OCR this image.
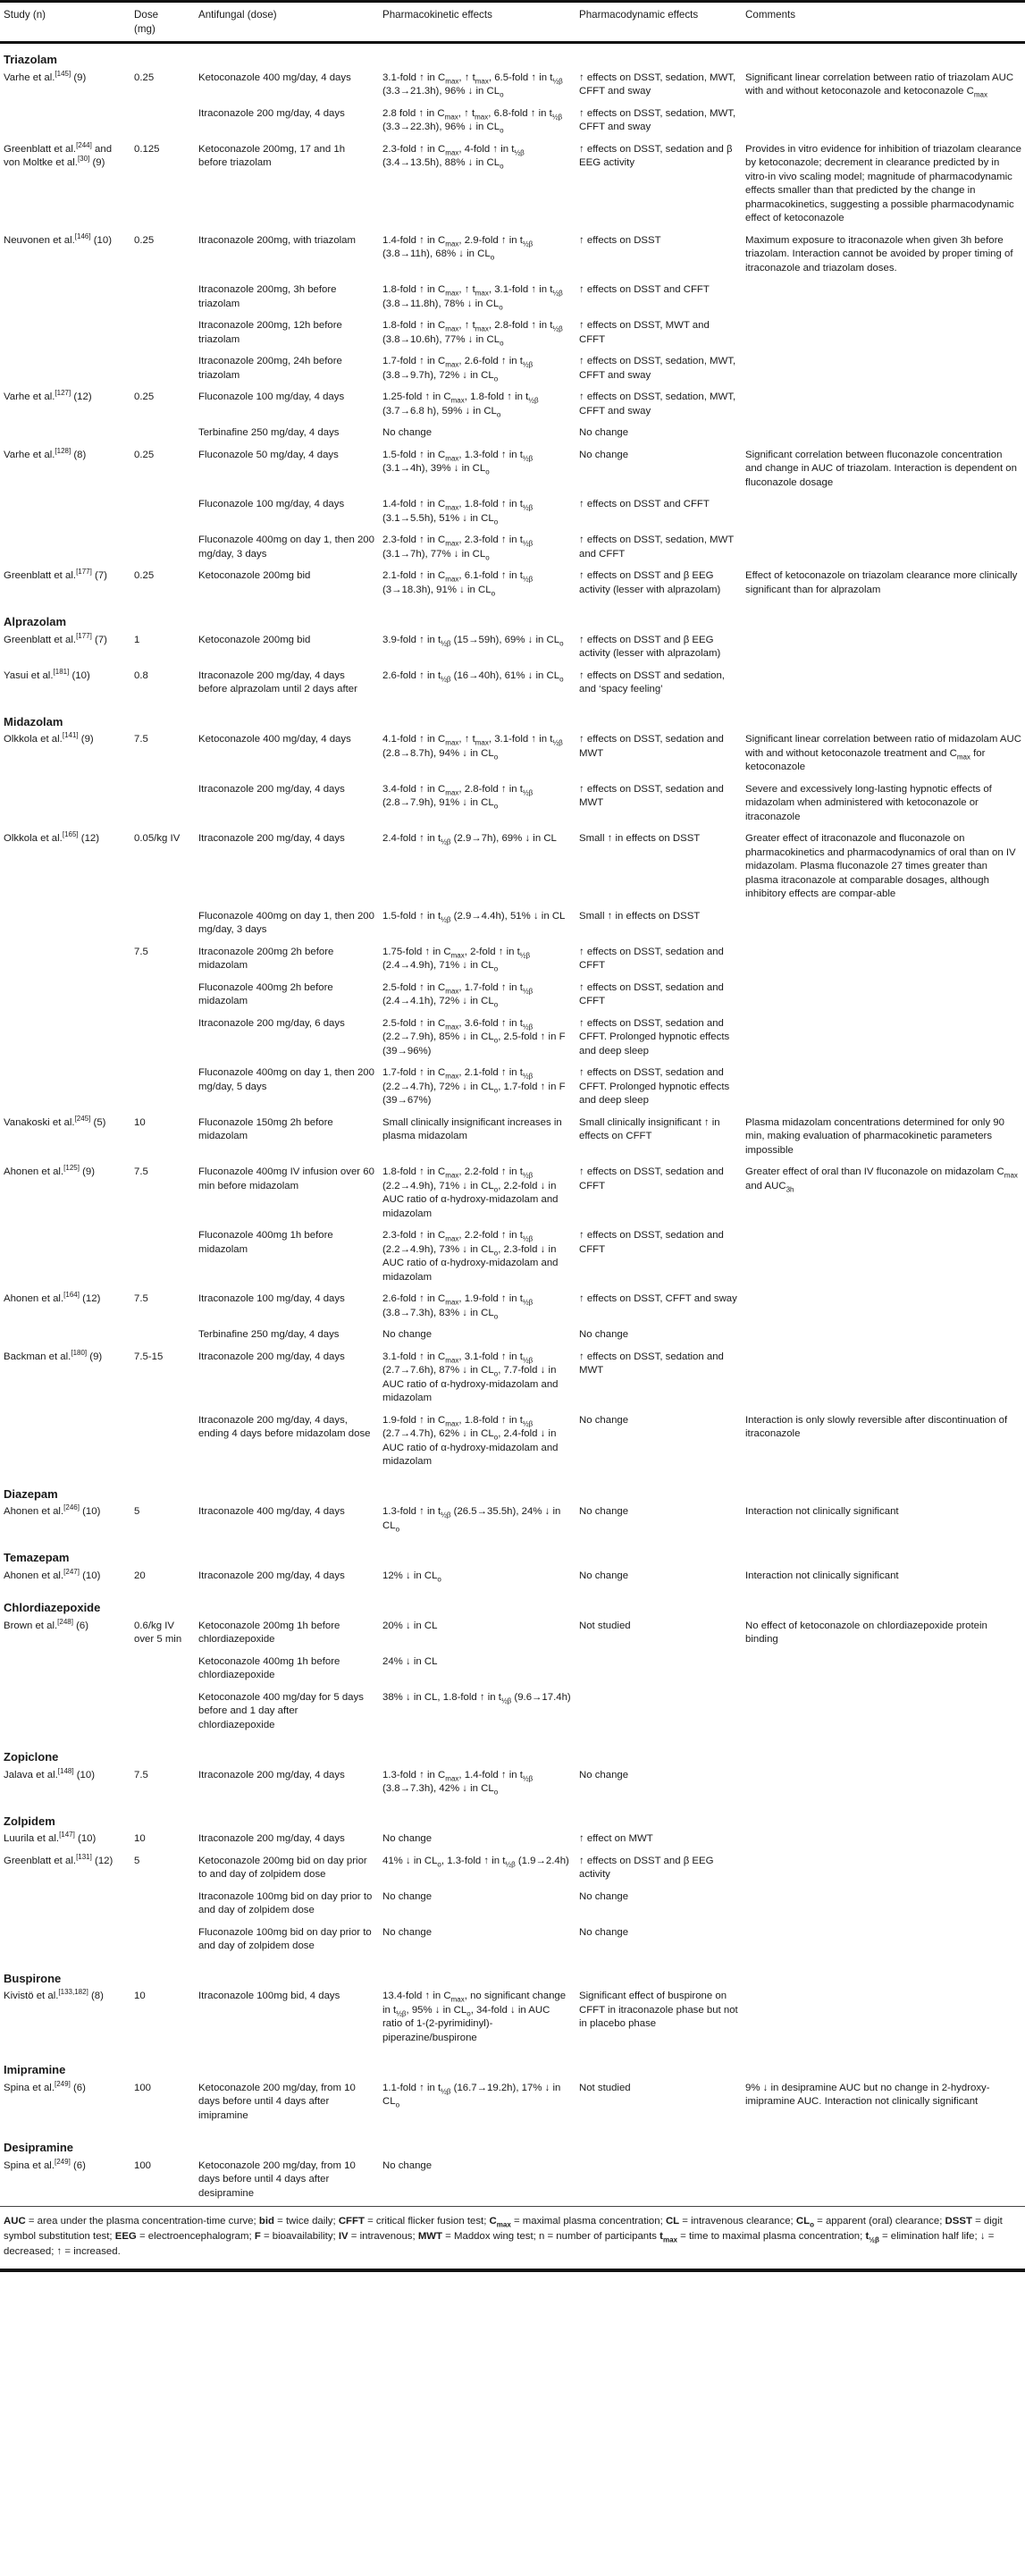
Study (n)	Dose (mg)	Antifungal (dose)	Pharmacokinetic effects	Pharmacodynamic effects	Comments
Triazolam					
Varhe et al.[145] (9)	0.25	Ketoconazole 400 mg/day, 4 days	3.1-fold ↑ in $C_{max}$, ↑ $t_{max}$, 6.5-fold ↑ in $t_{\frac{1}{2}\beta}$ (3.3→21.3h), 96% ↓ in $CL_o$	↑ effects on DSST, sedation, MWT, CFFT and sway	Significant linear correlation between ratio of triazolam AUC with and without ketoconazole and ketoconazole $C_{max}$
		Itraconazole 200 mg/day, 4 days	2.8 fold ↑ in $C_{max}$, ↑ $t_{max}$, 6.8-fold ↑ in $t_{\frac{1}{2}\beta}$ (3.3→22.3h), 96% ↓ in $CL_o$	↑ effects on DSST, sedation, MWT, CFFT and sway	
Greenblatt et al.[244] and von Moltke et al.[30] (9)	0.125	Ketoconazole 200mg, 17 and 1h before triazolam	2.3-fold ↑ in $C_{max}$, 4-fold ↑ in $t_{\frac{1}{2}\beta}$ (3.4→13.5h), 88% ↓ in $CL_o$	↑ effects on DSST, sedation and β EEG activity	Provides in vitro evidence for inhibition of triazolam clearance by ketoconazole; decrement in clearance predicted by in vitro-in vivo scaling model; magnitude of pharmacodynamic effects smaller than that predicted by the change in pharmacokinetics, suggesting a possible pharmacodynamic effect of ketoconazole
Neuvonen et al.[146] (10)	0.25	Itraconazole 200mg, with triazolam	1.4-fold ↑ in $C_{max}$, 2.9-fold ↑ in $t_{\frac{1}{2}\beta}$ (3.8→11h), 68% ↓ in $CL_o$	↑ effects on DSST	Maximum exposure to itraconazole when given 3h before triazolam. Interaction cannot be avoided by proper timing of itraconazole and triazolam doses.
		Itraconazole 200mg, 3h before triazolam	1.8-fold ↑ in $C_{max}$, ↑ $t_{max}$, 3.1-fold ↑ in $t_{\frac{1}{2}\beta}$ (3.8→11.8h), 78% ↓ in $CL_o$	↑ effects on DSST and CFFT	
		Itraconazole 200mg, 12h before triazolam	1.8-fold ↑ in $C_{max}$, ↑ $t_{max}$, 2.8-fold ↑ in $t_{\frac{1}{2}\beta}$ (3.8→10.6h), 77% ↓ in $CL_o$	↑ effects on DSST, MWT and CFFT	
		Itraconazole 200mg, 24h before triazolam	1.7-fold ↑ in $C_{max}$, 2.6-fold ↑ in $t_{\frac{1}{2}\beta}$ (3.8→9.7h), 72% ↓ in $CL_o$	↑ effects on DSST, sedation, MWT, CFFT and sway	
Varhe et al.[127] (12)	0.25	Fluconazole 100 mg/day, 4 days	1.25-fold ↑ in $C_{max}$, 1.8-fold ↑ in $t_{\frac{1}{2}\beta}$ (3.7→6.8 h), 59% ↓ in $CL_o$	↑ effects on DSST, sedation, MWT, CFFT and sway	
		Terbinafine 250 mg/day, 4 days	No change	No change	
Varhe et al.[128] (8)	0.25	Fluconazole 50 mg/day, 4 days	1.5-fold ↑ in $C_{max}$, 1.3-fold ↑ in $t_{\frac{1}{2}\beta}$ (3.1→4h), 39% ↓ in $CL_o$	No change	Significant correlation between fluconazole concentration and change in AUC of triazolam. Interaction is dependent on fluconazole dosage
		Fluconazole 100 mg/day, 4 days	1.4-fold ↑ in $C_{max}$, 1.8-fold ↑ in $t_{\frac{1}{2}\beta}$ (3.1→5.5h), 51% ↓ in $CL_o$	↑ effects on DSST and CFFT	
		Fluconazole 400mg on day 1, then 200 mg/day, 3 days	2.3-fold ↑ in $C_{max}$, 2.3-fold ↑ in $t_{\frac{1}{2}\beta}$ (3.1→7h), 77% ↓ in $CL_o$	↑ effects on DSST, sedation, MWT and CFFT	
Greenblatt et al.[177] (7)	0.25	Ketoconazole 200mg bid	2.1-fold ↑ in $C_{max}$, 6.1-fold ↑ in $t_{\frac{1}{2}\beta}$ (3→18.3h), 91% ↓ in $CL_o$	↑ effects on DSST and β EEG activity (lesser with alprazolam)	Effect of ketoconazole on triazolam clearance more clinically significant than for alprazolam
Alprazolam					
Greenblatt et al.[177] (7)	1	Ketoconazole 200mg bid	3.9-fold ↑ in $t_{\frac{1}{2}\beta}$ (15→59h), 69% ↓ in $CL_o$	↑ effects on DSST and β EEG activity (lesser with alprazolam)	
Yasui et al.[181] (10)	0.8	Itraconazole 200 mg/day, 4 days before alprazolam until 2 days after	2.6-fold ↑ in $t_{\frac{1}{2}\beta}$ (16→40h), 61% ↓ in $CL_o$	↑ effects on DSST and sedation, and ‘spacy feeling’	
Midazolam					
Olkkola et al.[141] (9)	7.5	Ketoconazole 400 mg/day, 4 days	4.1-fold ↑ in $C_{max}$, ↑ $t_{max}$, 3.1-fold ↑ in $t_{\frac{1}{2}\beta}$ (2.8→8.7h), 94% ↓ in $CL_o$	↑ effects on DSST, sedation and MWT	Significant linear correlation between ratio of midazolam AUC with and without ketoconazole treatment and $C_{max}$ for ketoconazole
		Itraconazole 200 mg/day, 4 days	3.4-fold ↑ in $C_{max}$, 2.8-fold ↑ in $t_{\frac{1}{2}\beta}$ (2.8→7.9h), 91% ↓ in $CL_o$	↑ effects on DSST, sedation and MWT	Severe and excessively long-lasting hypnotic effects of midazolam when administered with ketoconazole or itraconazole
Olkkola et al.[165] (12)	0.05/kg IV	Itraconazole 200 mg/day, 4 days	2.4-fold ↑ in $t_{\frac{1}{2}\beta}$ (2.9→7h), 69% ↓ in CL	Small ↑ in effects on DSST	Greater effect of itraconazole and fluconazole on pharmacokinetics and pharmacodynamics of oral than on IV midazolam. Plasma fluconazole 27 times greater than plasma itraconazole at comparable dosages, although inhibitory effects are compar-able
		Fluconazole 400mg on day 1, then 200 mg/day, 3 days	1.5-fold ↑ in $t_{\frac{1}{2}\beta}$ (2.9→4.4h), 51% ↓ in CL	Small ↑ in effects on DSST	
	7.5	Itraconazole 200mg 2h before midazolam	1.75-fold ↑ in $C_{max}$, 2-fold ↑ in $t_{\frac{1}{2}\beta}$ (2.4→4.9h), 71% ↓ in $CL_o$	↑ effects on DSST, sedation and CFFT	
		Fluconazole 400mg 2h before midazolam	2.5-fold ↑ in $C_{max}$, 1.7-fold ↑ in $t_{\frac{1}{2}\beta}$ (2.4→4.1h), 72% ↓ in $CL_o$	↑ effects on DSST, sedation and CFFT	
		Itraconazole 200 mg/day, 6 days	2.5-fold ↑ in $C_{max}$, 3.6-fold ↑ in $t_{\frac{1}{2}\beta}$ (2.2→7.9h), 85% ↓ in $CL_o$, 2.5-fold ↑ in F (39→96%)	↑ effects on DSST, sedation and CFFT. Prolonged hypnotic effects and deep sleep	
		Fluconazole 400mg on day 1, then 200 mg/day, 5 days	1.7-fold ↑ in $C_{max}$, 2.1-fold ↑ in $t_{\frac{1}{2}\beta}$ (2.2→4.7h), 72% ↓ in $CL_o$, 1.7-fold ↑ in F (39→67%)	↑ effects on DSST, sedation and CFFT. Prolonged hypnotic effects and deep sleep	
Vanakoski et al.[245] (5)	10	Fluconazole 150mg 2h before midazolam	Small clinically insignificant increases in plasma midazolam	Small clinically insignificant ↑ in effects on CFFT	Plasma midazolam concentrations determined for only 90 min, making evaluation of pharmacokinetic parameters impossible
Ahonen et al.[125] (9)	7.5	Fluconazole 400mg IV infusion over 60 min before midazolam	1.8-fold ↑ in $C_{max}$, 2.2-fold ↑ in $t_{\frac{1}{2}\beta}$ (2.2→4.9h), 71% ↓ in $CL_o$, 2.2-fold ↓ in AUC ratio of α-hydroxy-midazolam and midazolam	↑ effects on DSST, sedation and CFFT	Greater effect of oral than IV fluconazole on midazolam $C_{max}$ and $AUC_{3h}$
		Fluconazole 400mg 1h before midazolam	2.3-fold ↑ in $C_{max}$, 2.2-fold ↑ in $t_{\frac{1}{2}\beta}$ (2.2→4.9h), 73% ↓ in $CL_o$, 2.3-fold ↓ in AUC ratio of α-hydroxy-midazolam and midazolam	↑ effects on DSST, sedation and CFFT	
Ahonen et al.[164] (12)	7.5	Itraconazole 100 mg/day, 4 days	2.6-fold ↑ in $C_{max}$, 1.9-fold ↑ in $t_{\frac{1}{2}\beta}$ (3.8→7.3h), 83% ↓ in $CL_o$	↑ effects on DSST, CFFT and sway	
		Terbinafine 250 mg/day, 4 days	No change	No change	
Backman et al.[180] (9)	7.5-15	Itraconazole 200 mg/day, 4 days	3.1-fold ↑ in $C_{max}$, 3.1-fold ↑ in $t_{\frac{1}{2}\beta}$ (2.7→7.6h), 87% ↓ in $CL_o$, 7.7-fold ↓ in AUC ratio of α-hydroxy-midazolam and midazolam	↑ effects on DSST, sedation and MWT	
		Itraconazole 200 mg/day, 4 days, ending 4 days before midazolam dose	1.9-fold ↑ in $C_{max}$, 1.8-fold ↑ in $t_{\frac{1}{2}\beta}$ (2.7→4.7h), 62% ↓ in $CL_o$, 2.4-fold ↓ in AUC ratio of α-hydroxy-midazolam and midazolam	No change	Interaction is only slowly reversible after discontinuation of itraconazole
Diazepam					
Ahonen et al.[246] (10)	5	Itraconazole 400 mg/day, 4 days	1.3-fold ↑ in $t_{\frac{1}{2}\beta}$ (26.5→35.5h), 24% ↓ in $CL_o$	No change	Interaction not clinically significant
Temazepam					
Ahonen et al.[247] (10)	20	Itraconazole 200 mg/day, 4 days	12% ↓ in $CL_o$	No change	Interaction not clinically significant
Chlordiazepoxide					
Brown et al.[248] (6)	0.6/kg IV over 5 min	Ketoconazole 200mg 1h before chlordiazepoxide	20% ↓ in CL	Not studied	No effect of ketoconazole on chlordiazepoxide protein binding
		Ketoconazole 400mg 1h before chlordiazepoxide	24% ↓ in CL		
		Ketoconazole 400 mg/day for 5 days before and 1 day after chlordiazepoxide	38% ↓ in CL, 1.8-fold ↑ in $t_{\frac{1}{2}\beta}$ (9.6→17.4h)		
Zopiclone					
Jalava et al.[148] (10)	7.5	Itraconazole 200 mg/day, 4 days	1.3-fold ↑ in $C_{max}$, 1.4-fold ↑ in $t_{\frac{1}{2}\beta}$ (3.8→7.3h), 42% ↓ in $CL_o$	No change	
Zolpidem					
Luurila et al.[147] (10)	10	Itraconazole 200 mg/day, 4 days	No change	↑ effect on MWT	
Greenblatt et al.[131] (12)	5	Ketoconazole 200mg bid on day prior to and day of zolpidem dose	41% ↓ in $CL_o$, 1.3-fold ↑ in $t_{\frac{1}{2}\beta}$ (1.9→2.4h)	↑ effects on DSST and β EEG activity	
		Itraconazole 100mg bid on day prior to and day of zolpidem dose	No change	No change	
		Fluconazole 100mg bid on day prior to and day of zolpidem dose	No change	No change	
Buspirone					
Kivistö et al.[133,182] (8)	10	Itraconazole 100mg bid, 4 days	13.4-fold ↑ in $C_{max}$, no significant change in $t_{\frac{1}{2}\beta}$, 95% ↓ in $CL_o$, 34-fold ↓ in AUC ratio of 1-(2-pyrimidinyl)-piperazine/buspirone	Significant effect of buspirone on CFFT in itraconazole phase but not in placebo phase	
Imipramine					
Spina et al.[249] (6)	100	Ketoconazole 200 mg/day, from 10 days before until 4 days after imipramine	1.1-fold ↑ in $t_{\frac{1}{2}\beta}$ (16.7→19.2h), 17% ↓ in $CL_o$	Not studied	9% ↓ in desipramine AUC but no change in 2-hydroxy-imipramine AUC. Interaction not clinically significant
Desipramine					
Spina et al.[249] (6)	100	Ketoconazole 200 mg/day, from 10 days before until 4 days after desipramine	No change		
AUC = area under the plasma concentration-time curve; bid = twice daily; CFFT = critical flicker fusion test; $C_{max}$ = maximal plasma concentration; CL = intravenous clearance; $CL_o$ = apparent (oral) clearance; DSST = digit symbol substitution test; EEG = electroencephalogram; F = bioavailability; IV = intravenous; MWT = Maddox wing test; n = number of participants $t_{max}$ = time to maximal plasma concentration; $t_{\frac{1}{2}\beta}$ = elimination half life; ↓ = decreased; ↑ = increased.
